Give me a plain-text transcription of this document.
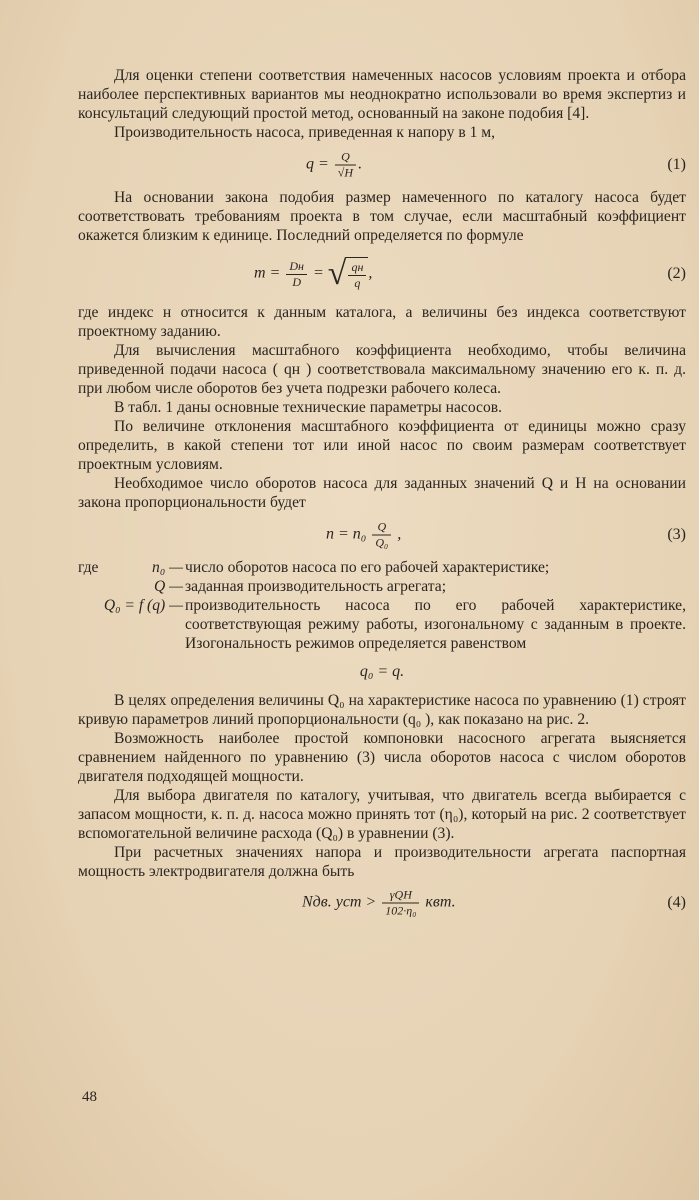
Для оценки степени соответствия намеченных насосов условиям проекта и отбора наиболее перспективных вариантов мы неоднократно использовали во время экспертиз и консультаций следующий простой метод, основанный на законе подобия [4].

Производительность насоса, приведенная к напору в 1 м,

$q = \frac{Q}{√H}$ .	(1)

На основании закона подобия размер намеченного по каталогу насоса будет соответствовать требованиям проекта в том случае, если масштабный коэффициент окажется близким к единице. Последний определяется по формуле

$m = \frac{Dн}{D}$ = √ $\frac{qн}{q}$ ,	(2)

где индекс н относится к данным каталога, а величины без индекса соответствуют проектному заданию.

Для вычисления масштабного коэффициента необходимо, чтобы величина приведенной подачи насоса ( qн ) соответствовала максимальному значению его к. п. д. при любом числе оборотов без учета подрезки рабочего колеса.

В табл. 1 даны основные технические параметры насосов.

По величине отклонения масштабного коэффициента от единицы можно сразу определить, в какой степени тот или иной насос по своим размерам соответствует проектным условиям.

Необходимое число оборотов насоса для заданных значений Q и H на основании закона пропорциональности будет

$n = n_0 \frac{Q}{\text{Q₀}}$ ,	(3)
где	n₀ — число оборотов насоса по его рабочей характеристике;
Q — заданная производительность агрегата;
Q₀ = f (q) — производительность насоса по его рабочей характеристике, соответствующая режиму работы, изогональному с заданным в проекте. Изогональность режимов определяется равенством
q₀ = q.

В целях определения величины Q₀ на характеристике насоса по уравнению (1) строят кривую параметров линий пропорциональности (q₀ ), как показано на рис. 2.

Возможность наиболее простой компоновки насосного агрегата выясняется сравнением найденного по уравнению (3) числа оборотов насоса с числом оборотов двигателя подходящей мощности.

Для выбора двигателя по каталогу, учитывая, что двигатель всегда выбирается с запасом мощности, к. п. д. насоса можно принять тот (η₀), который на рис. 2 соответствует вспомогательной величине расхода (Q₀) в уравнении (3).

При расчетных значениях напора и производительности агрегата паспортная мощность электродвигателя должна быть

Nдв. уст > $\frac{\text{γQH}}{\text{102·η₀}}$ квт.	(4)
48
